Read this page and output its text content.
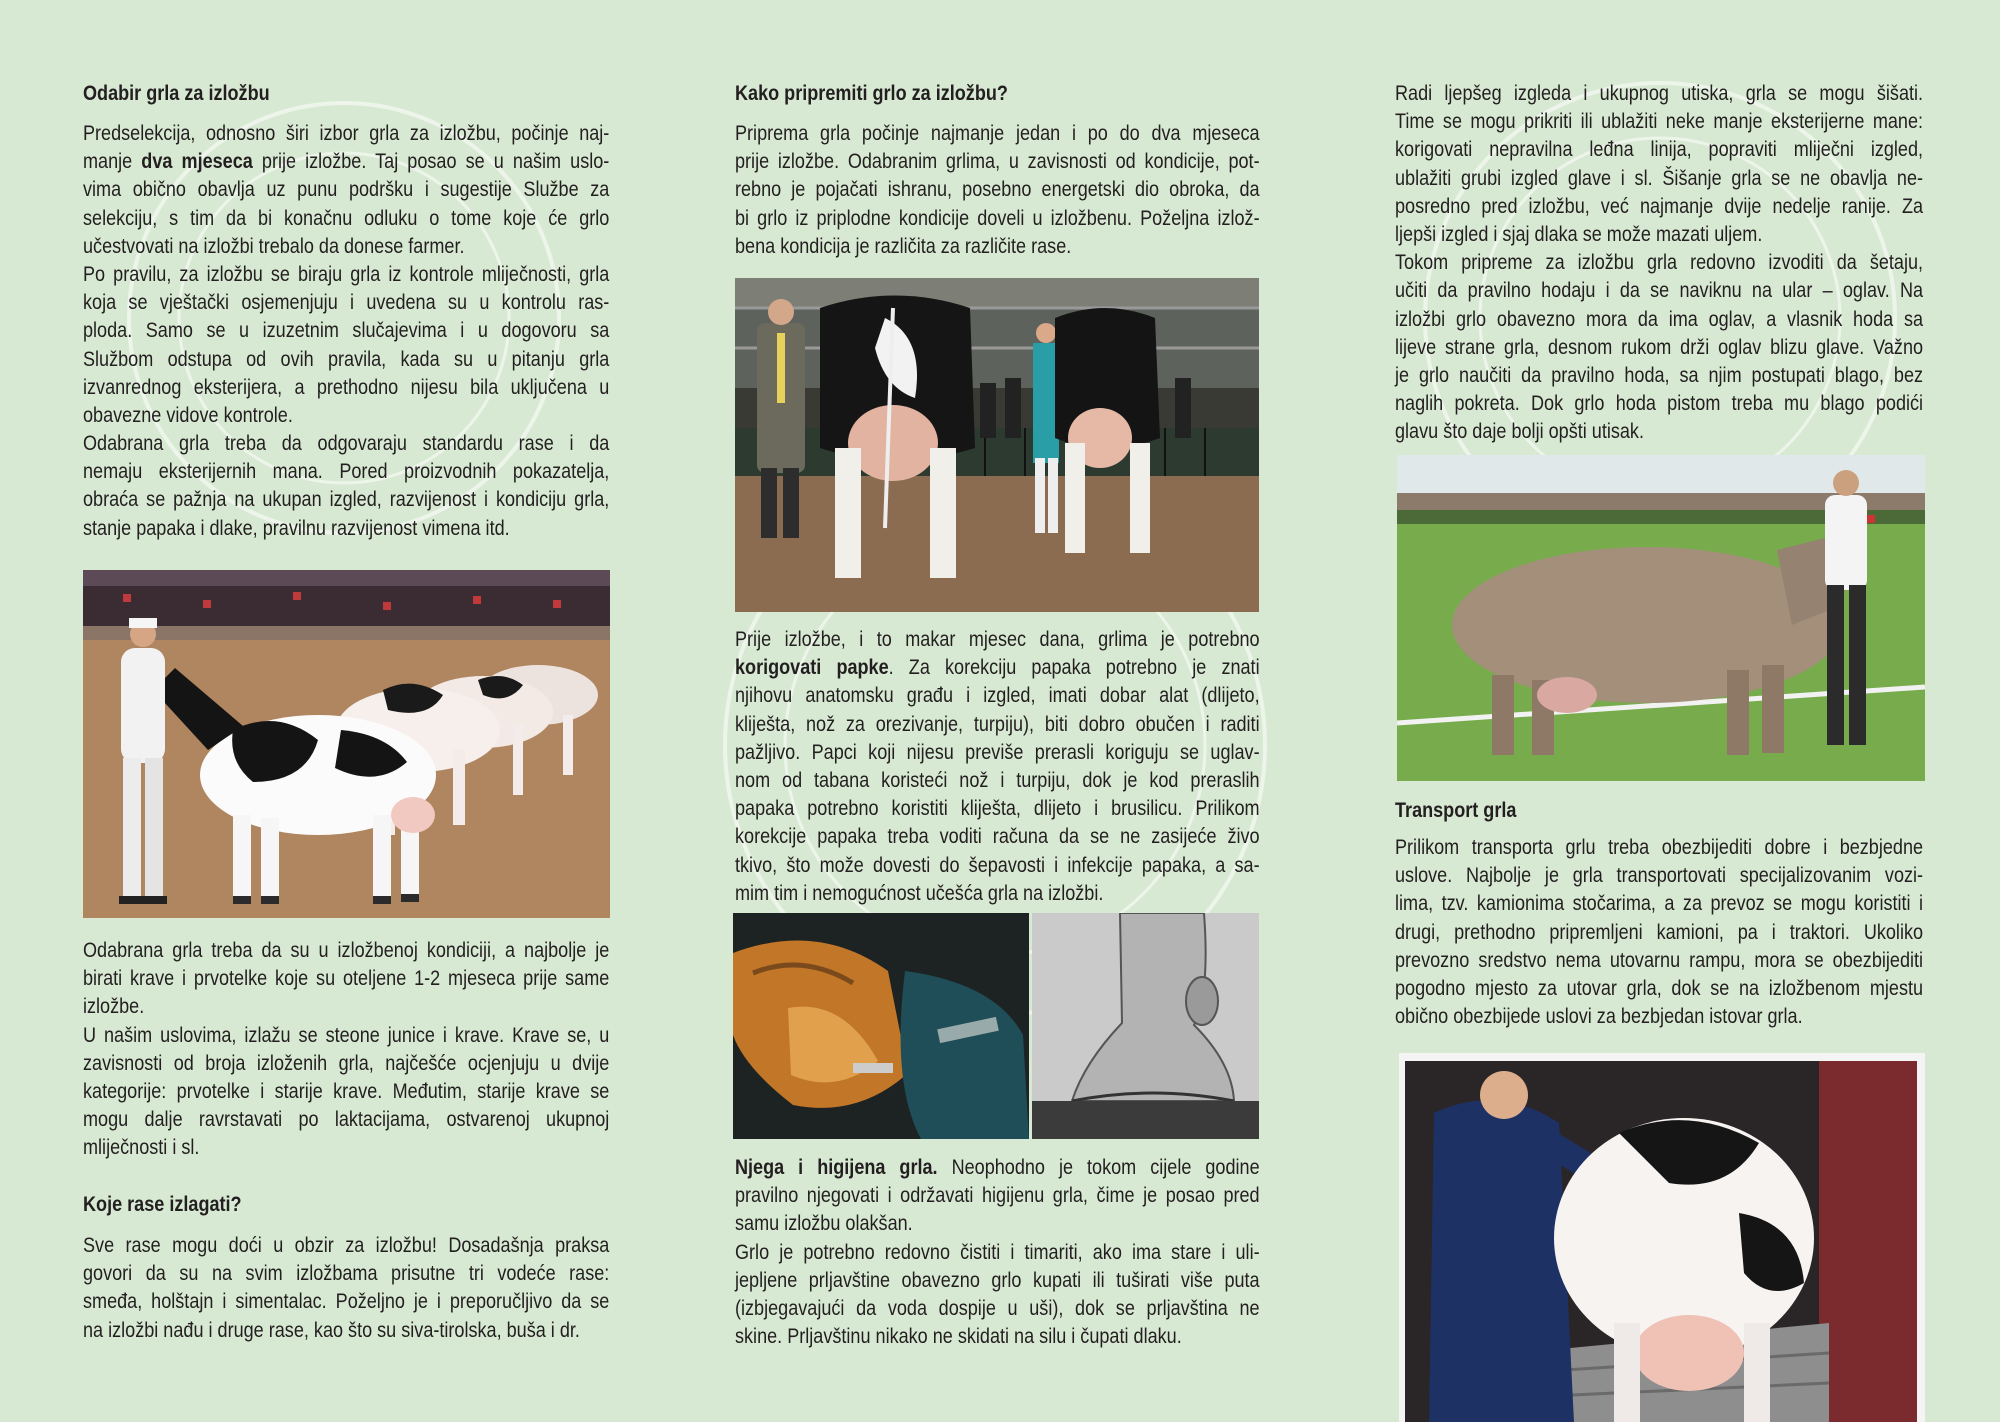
Odabir grla za izložbu
Predselekcija, odnosno širi izbor grla za izložbu, počinje naj-
manje dva mjeseca prije izložbe. Taj posao se u našim uslo-
vima obično obavlja uz punu podršku i sugestije Službe za
selekciju, s tim da bi konačnu odluku o tome koje će grlo
učestvovati na izložbi trebalo da donese farmer.
Po pravilu, za izložbu se biraju grla iz kontrole mliječnosti, grla
koja se vještački osjemenjuju i uvedena su u kontrolu ras-
ploda. Samo se u izuzetnim slučajevima i u dogovoru sa
Službom odstupa od ovih pravila, kada su u pitanju grla
izvanrednog eksterijera, a prethodno nijesu bila uključena u
obavezne vidove kontrole.
Odabrana grla treba da odgovaraju standardu rase i da
nemaju eksterijernih mana. Pored proizvodnih pokazatelja,
obraća se pažnja na ukupan izgled, razvijenost i kondiciju grla,
stanje papaka i dlake, pravilnu razvijenost vimena itd.
Odabrana grla treba da su u izložbenoj kondiciji, a najbolje je
birati krave i prvotelke koje su oteljene 1-2 mjeseca prije same
izložbe.
U našim uslovima, izlažu se steone junice i krave. Krave se, u
zavisnosti od broja izloženih grla, najčešće ocjenjuju u dvije
kategorije: prvotelke i starije krave. Međutim, starije krave se
mogu dalje ravrstavati po laktacijama, ostvarenoj ukupnoj
mliječnosti i sl.
Koje rase izlagati?
Sve rase mogu doći u obzir za izložbu! Dosadašnja praksa
govori da su na svim izložbama prisutne tri vodeće rase:
smeđa, holštajn i simentalac. Poželjno je i preporučljivo da se
na izložbi nađu i druge rase, kao što su siva-tirolska, buša i dr.
Kako pripremiti grlo za izložbu?
Priprema grla počinje najmanje jedan i po do dva mjeseca
prije izložbe. Odabranim grlima, u zavisnosti od kondicije, pot-
rebno je pojačati ishranu, posebno energetski dio obroka, da
bi grlo iz priplodne kondicije doveli u izložbenu. Poželjna izlož-
bena kondicija je različita za različite rase.
Prije izložbe, i to makar mjesec dana, grlima je potrebno
korigovati papke. Za korekciju papaka potrebno je znati
njihovu anatomsku građu i izgled, imati dobar alat (dlijeto,
kliješta, nož za orezivanje, turpiju), biti dobro obučen i raditi
pažljivo. Papci koji nijesu previše prerasli koriguju se uglav-
nom od tabana koristeći nož i turpiju, dok je kod preraslih
papaka potrebno koristiti kliješta, dlijeto i brusilicu. Prilikom
korekcije papaka treba voditi računa da se ne zasijeće živo
tkivo, što može dovesti do šepavosti i infekcije papaka, a sa-
mim tim i nemogućnost učešća grla na izložbi.
Njega i higijena grla. Neophodno je tokom cijele godine
pravilno njegovati i održavati higijenu grla, čime je posao pred
samu izložbu olakšan.
Grlo je potrebno redovno čistiti i timariti, ako ima stare i uli-
jepljene prljavštine obavezno grlo kupati ili tuširati više puta
(izbjegavajući da voda dospije u uši), dok se prljavština ne
skine. Prljavštinu nikako ne skidati na silu i čupati dlaku.
Radi ljepšeg izgleda i ukupnog utiska, grla se mogu šišati.
Time se mogu prikriti ili ublažiti neke manje eksterijerne mane:
korigovati nepravilna leđna linija, popraviti mliječni izgled,
ublažiti grubi izgled glave i sl. Šišanje grla se ne obavlja ne-
posredno pred izložbu, već najmanje dvije nedelje ranije. Za
ljepši izgled i sjaj dlaka se može mazati uljem.
Tokom pripreme za izložbu grla redovno izvoditi da šetaju,
učiti da pravilno hodaju i da se naviknu na ular – oglav. Na
izložbi grlo obavezno mora da ima oglav, a vlasnik hoda sa
lijeve strane grla, desnom rukom drži oglav blizu glave. Važno
je grlo naučiti da pravilno hoda, sa njim postupati blago, bez
naglih pokreta. Dok grlo hoda pistom treba mu blago podići
glavu što daje bolji opšti utisak.
Transport grla
Prilikom transporta grlu treba obezbijediti dobre i bezbjedne
uslove. Najbolje je grla transportovati specijalizovanim vozi-
lima, tzv. kamionima stočarima, a za prevoz se mogu koristiti i
drugi, prethodno pripremljeni kamioni, pa i traktori. Ukoliko
prevozno sredstvo nema utovarnu rampu, mora se obezbijediti
pogodno mjesto za utovar grla, dok se na izložbenom mjestu
obično obezbijede uslovi za bezbjedan istovar grla.
